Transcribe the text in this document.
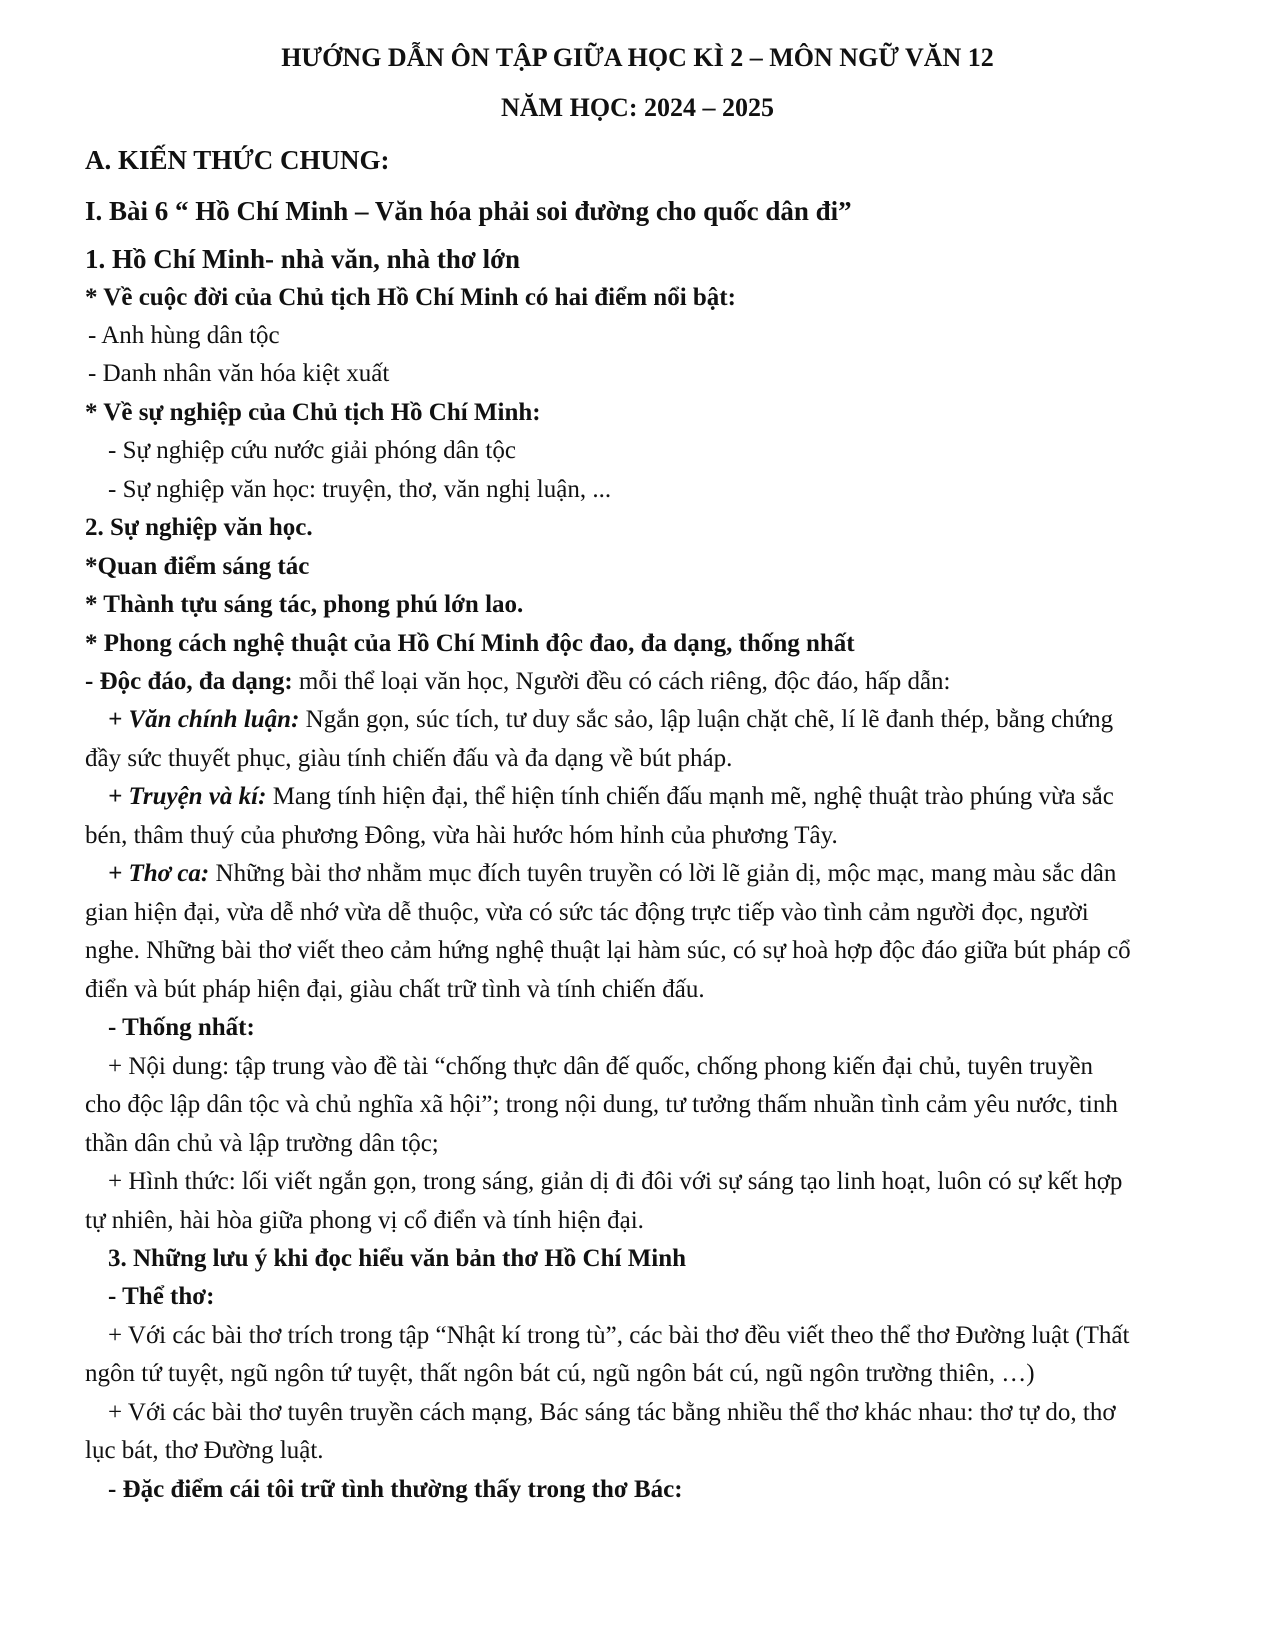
HƯỚNG DẪN ÔN TẬP GIỮA HỌC KÌ 2 – MÔN NGỮ VĂN 12
NĂM HỌC: 2024 – 2025
A. KIẾN THỨC CHUNG:
I. Bài 6 “ Hồ Chí Minh – Văn hóa phải soi đường cho quốc dân đi”
1. Hồ Chí Minh- nhà văn, nhà thơ lớn
* Về cuộc đời của Chủ tịch Hồ Chí Minh có hai điểm nổi bật:
- Anh hùng dân tộc
- Danh nhân văn hóa kiệt xuất
* Về sự nghiệp của Chủ tịch Hồ Chí Minh:
- Sự nghiệp cứu nước giải phóng dân tộc
- Sự nghiệp văn học: truyện, thơ, văn nghị luận, ...
2. Sự nghiệp văn học.
*Quan điểm sáng tác
* Thành tựu sáng tác, phong phú lớn lao.
* Phong cách nghệ thuật của Hồ Chí Minh độc đao, đa dạng, thống nhất
- Độc đáo, đa dạng: mỗi thể loại văn học, Người đều có cách riêng, độc đáo, hấp dẫn:
+ Văn chính luận: Ngắn gọn, súc tích, tư duy sắc sảo, lập luận chặt chẽ, lí lẽ đanh thép, bằng chứng
đầy sức thuyết phục, giàu tính chiến đấu và đa dạng về bút pháp.
+ Truyện và kí: Mang tính hiện đại, thể hiện tính chiến đấu mạnh mẽ, nghệ thuật trào phúng vừa sắc
bén, thâm thuý của phương Đông, vừa hài hước hóm hỉnh của phương Tây.
+ Thơ ca: Những bài thơ nhằm mục đích tuyên truyền có lời lẽ giản dị, mộc mạc, mang màu sắc dân
gian hiện đại, vừa dễ nhớ vừa dễ thuộc, vừa có sức tác động trực tiếp vào tình cảm người đọc, người
nghe. Những bài thơ viết theo cảm hứng nghệ thuật lại hàm súc, có sự hoà hợp độc đáo giữa bút pháp cổ
điển và bút pháp hiện đại, giàu chất trữ tình và tính chiến đấu.
- Thống nhất:
+ Nội dung: tập trung vào đề tài “chống thực dân đế quốc, chống phong kiến đại chủ, tuyên truyền
cho độc lập dân tộc và chủ nghĩa xã hội”; trong nội dung, tư tưởng thấm nhuần tình cảm yêu nước, tinh
thần dân chủ và lập trường dân tộc;
+ Hình thức: lối viết ngắn gọn, trong sáng, giản dị đi đôi với sự sáng tạo linh hoạt, luôn có sự kết hợp
tự nhiên, hài hòa giữa phong vị cổ điển và tính hiện đại.
3. Những lưu ý khi đọc hiểu văn bản thơ Hồ Chí Minh
- Thể thơ:
+ Với các bài thơ trích trong tập “Nhật kí trong tù”, các bài thơ đều viết theo thể thơ Đường luật (Thất
ngôn tứ tuyệt, ngũ ngôn tứ tuyệt, thất ngôn bát cú, ngũ ngôn bát cú, ngũ ngôn trường thiên, …)
+ Với các bài thơ tuyên truyền cách mạng, Bác sáng tác bằng nhiều thể thơ khác nhau: thơ tự do, thơ
lục bát, thơ Đường luật.
- Đặc điểm cái tôi trữ tình thường thấy trong thơ Bác:
